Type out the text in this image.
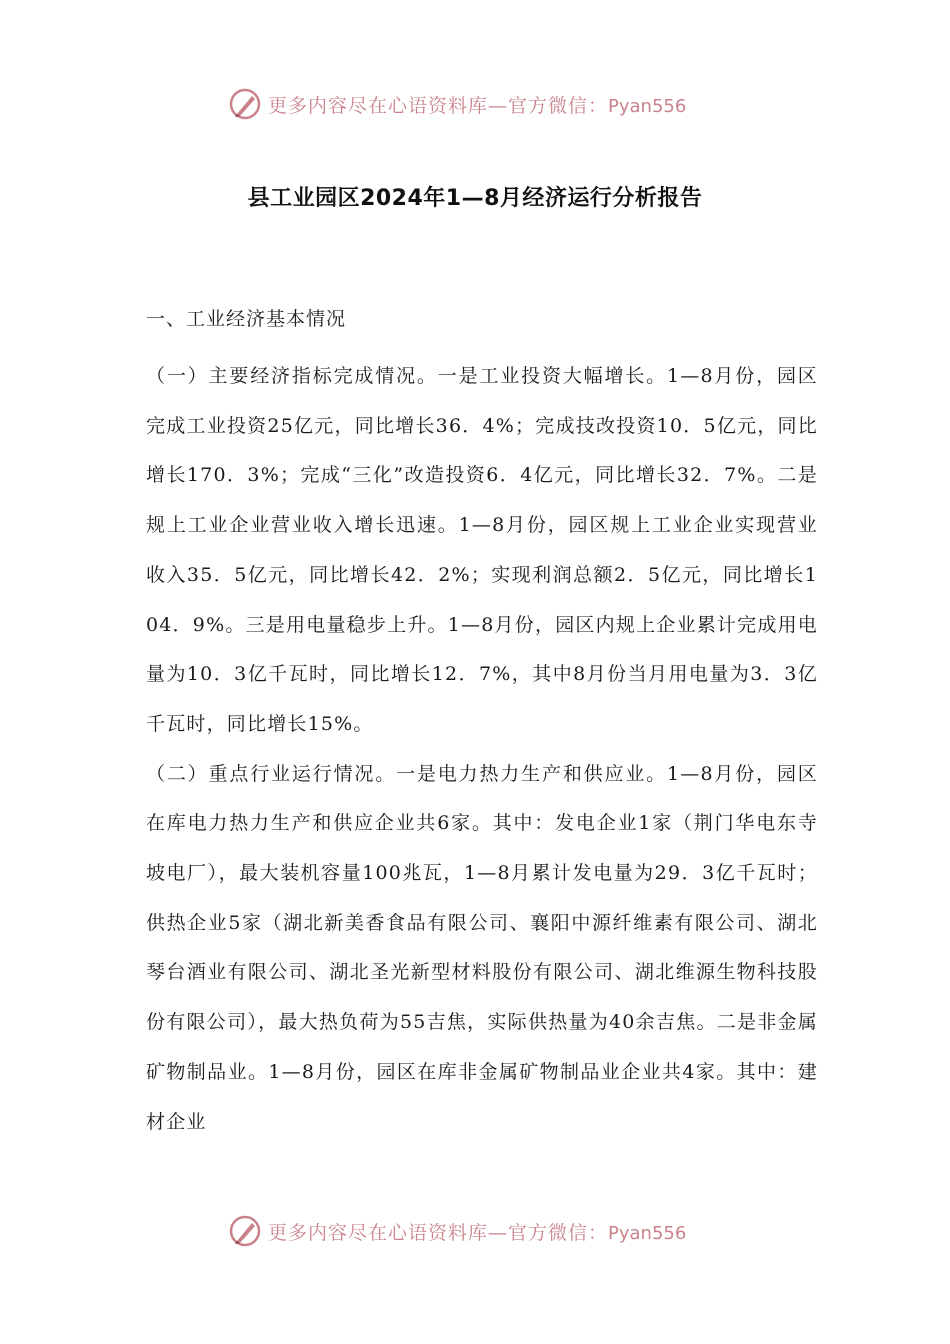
更多内容尽在心语资料库—官方微信：Pyan556
县工业园区2024年1—8月经济运行分析报告
一、工业经济基本情况

（一）主要经济指标完成情况。一是工业投资大幅增长。1—8月份，园区完成工业投资25亿元，同比增长36．4%；完成技改投资10．5亿元，同比增长170．3%；完成“三化”改造投资6．4亿元，同比增长32．7%。二是规上工业企业营业收入增长迅速。1—8月份，园区规上工业企业实现营业收入35．5亿元，同比增长42．2%；实现利润总额2．5亿元，同比增长104．9%。三是用电量稳步上升。1—8月份，园区内规上企业累计完成用电量为10．3亿千瓦时，同比增长12．7%，其中8月份当月用电量为3．3亿千瓦时，同比增长15%。

（二）重点行业运行情况。一是电力热力生产和供应业。1—8月份，园区在库电力热力生产和供应企业共6家。其中：发电企业1家（荆门华电东寺坡电厂），最大装机容量100兆瓦，1—8月累计发电量为29．3亿千瓦时；供热企业5家（湖北新美香食品有限公司、襄阳中源纤维素有限公司、湖北琴台酒业有限公司、湖北圣光新型材料股份有限公司、湖北维源生物科技股份有限公司），最大热负荷为55吉焦，实际供热量为40余吉焦。二是非金属矿物制品业。1—8月份，园区在库非金属矿物制品业企业共4家。其中：建材企业

更多内容尽在心语资料库—官方微信：Pyan556
